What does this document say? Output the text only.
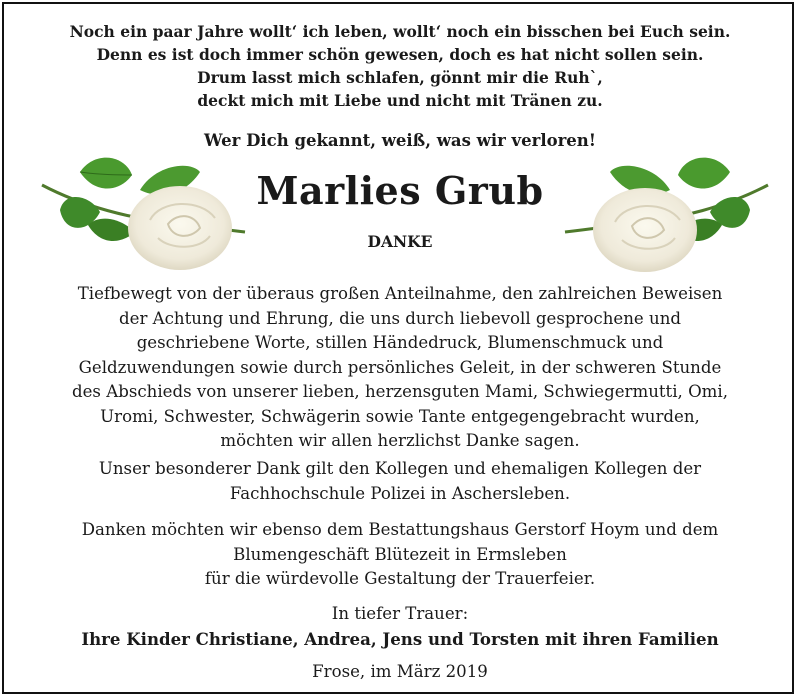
Noch ein paar Jahre wollt‘ ich leben, wollt‘ noch ein bisschen bei Euch sein.
Denn es ist doch immer schön gewesen, doch es hat nicht sollen sein.
Drum lasst mich schlafen, gönnt mir die Ruh`,
deckt mich mit Liebe und nicht mit Tränen zu.
Wer Dich gekannt, weiß, was wir verloren!
Marlies Grub
DANKE
Tiefbewegt von der überaus großen Anteilnahme, den zahlreichen Beweisen
der Achtung und Ehrung, die uns durch liebevoll gesprochene und
geschriebene Worte, stillen Händedruck, Blumenschmuck und
Geldzuwendungen sowie durch persönliches Geleit, in der schweren Stunde
des Abschieds von unserer lieben, herzensguten Mami, Schwiegermutti, Omi,
Uromi, Schwester, Schwägerin sowie Tante entgegengebracht wurden,
möchten wir allen herzlichst Danke sagen.
Unser besonderer Dank gilt den Kollegen und ehemaligen Kollegen der
Fachhochschule Polizei in Aschersleben.
Danken möchten wir ebenso dem Bestattungshaus Gerstorf Hoym und dem
Blumengeschäft Blütezeit in Ermsleben
für die würdevolle Gestaltung der Trauerfeier.
In tiefer Trauer:
Ihre Kinder Christiane, Andrea, Jens und Torsten mit ihren Familien
Frose, im März 2019
